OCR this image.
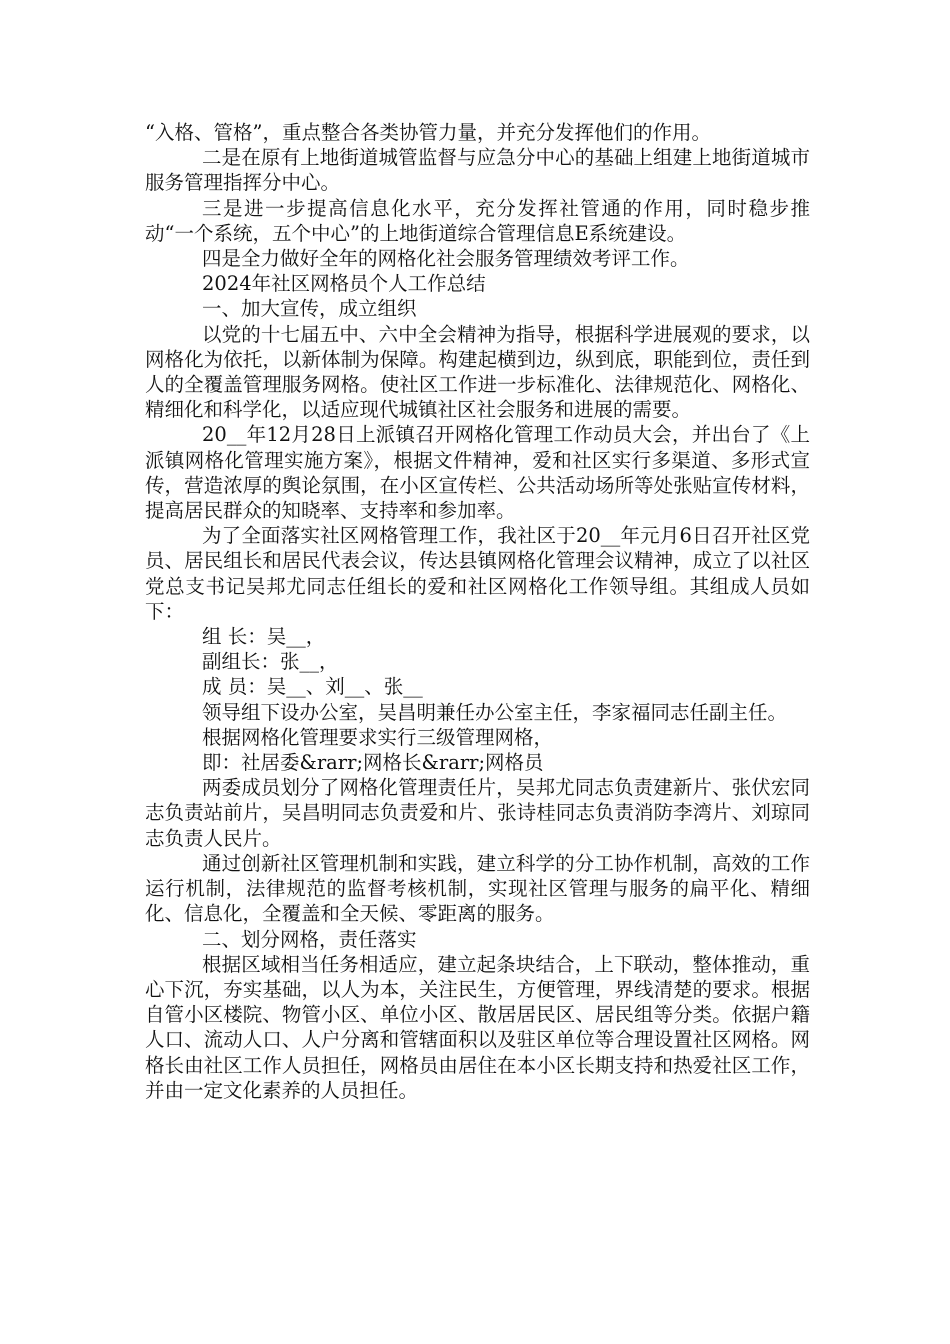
“入格、管格”，重点整合各类协管力量，并充分发挥他们的作用。

二是在原有上地街道城管监督与应急分中心的基础上组建上地街道城市服务管理指挥分中心。

三是进一步提高信息化水平，充分发挥社管通的作用，同时稳步推动“一个系统，五个中心”的上地街道综合管理信息E系统建设。

四是全力做好全年的网格化社会服务管理绩效考评工作。

2024年社区网格员个人工作总结

一、加大宣传，成立组织

以党的十七届五中、六中全会精神为指导，根据科学进展观的要求，以网格化为依托，以新体制为保障。构建起横到边，纵到底，职能到位，责任到人的全覆盖管理服务网格。使社区工作进一步标准化、法律规范化、网格化、精细化和科学化，以适应现代城镇社区社会服务和进展的需要。

20__年12月28日上派镇召开网格化管理工作动员大会，并出台了《上派镇网格化管理实施方案》，根据文件精神，爱和社区实行多渠道、多形式宣传，营造浓厚的舆论氛围，在小区宣传栏、公共活动场所等处张贴宣传材料，提高居民群众的知晓率、支持率和参加率。

为了全面落实社区网格管理工作，我社区于20__年元月6日召开社区党员、居民组长和居民代表会议，传达县镇网格化管理会议精神，成立了以社区党总支书记吴邦尤同志任组长的爱和社区网格化工作领导组。其组成人员如下：

组 长：吴__，

副组长：张__，

成 员：吴__、刘__、张__

领导组下设办公室，吴昌明兼任办公室主任，李家福同志任副主任。

根据网格化管理要求实行三级管理网格，

即：社居委&rarr;网格长&rarr;网格员

两委成员划分了网格化管理责任片，吴邦尤同志负责建新片、张伏宏同志负责站前片，吴昌明同志负责爱和片、张诗桂同志负责消防李湾片、刘琼同志负责人民片。

通过创新社区管理机制和实践，建立科学的分工协作机制，高效的工作运行机制，法律规范的监督考核机制，实现社区管理与服务的扁平化、精细化、信息化，全覆盖和全天候、零距离的服务。

二、划分网格，责任落实

根据区域相当任务相适应，建立起条块结合，上下联动，整体推动，重心下沉，夯实基础，以人为本，关注民生，方便管理，界线清楚的要求。根据自管小区楼院、物管小区、单位小区、散居居民区、居民组等分类。依据户籍人口、流动人口、人户分离和管辖面积以及驻区单位等合理设置社区网格。网格长由社区工作人员担任，网格员由居住在本小区长期支持和热爱社区工作，并由一定文化素养的人员担任。
